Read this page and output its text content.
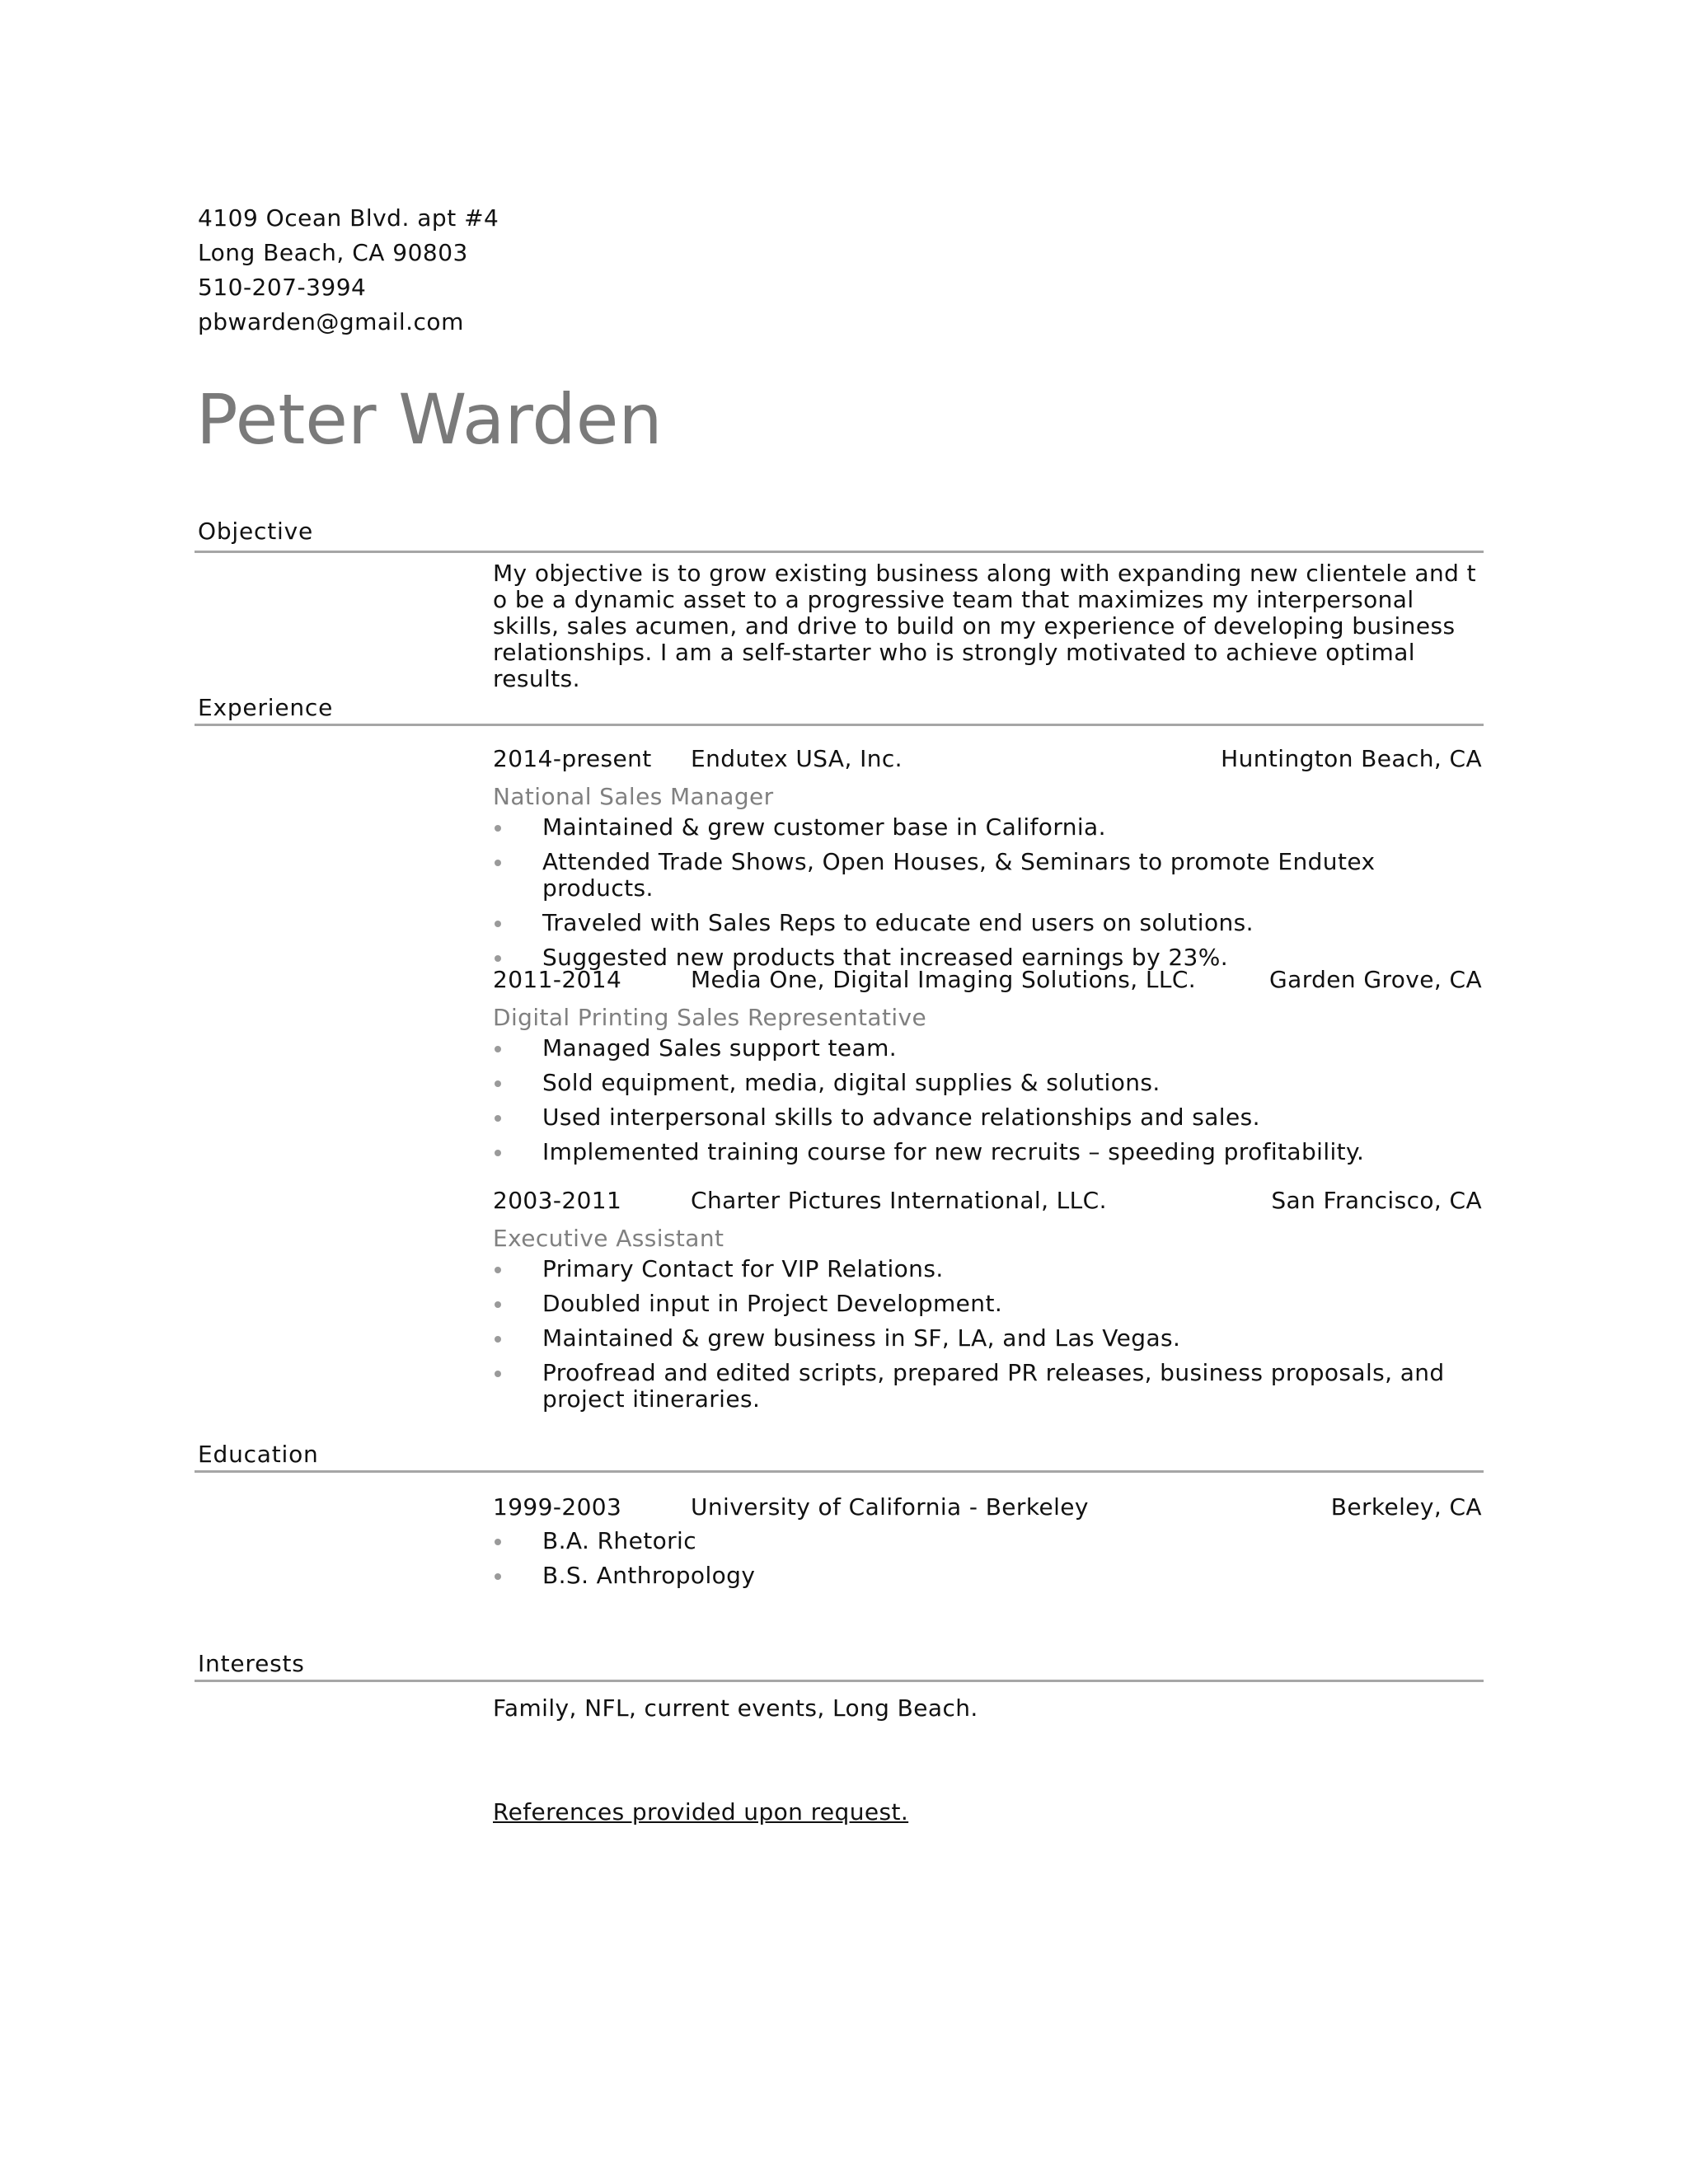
4109 Ocean Blvd. apt #4
Long Beach, CA 90803
510-207-3994
pbwarden@gmail.com
Peter Warden
Objective
My objective is to grow existing business along with expanding new clientele and t o be a dynamic asset to a progressive team that maximizes my interpersonal skills, sales acumen, and drive to build on my experience of developing business relationships. I am a self-starter who is strongly motivated to achieve optimal results.
Experience
2014-present Endutex USA, Inc.	Huntington Beach, CA
National Sales Manager
Maintained & grew customer base in California.
Attended Trade Shows, Open Houses, & Seminars to promote Endutex products.
Traveled with Sales Reps to educate end users on solutions.
Suggested new products that increased earnings by 23%.
2011-2014	Media One, Digital Imaging Solutions, LLC.	Garden Grove, CA
Digital Printing Sales Representative
Managed Sales support team.
Sold equipment, media, digital supplies & solutions.
Used interpersonal skills to advance relationships and sales.
Implemented training course for new recruits – speeding profitability.
2003-2011	Charter Pictures International, LLC.	San Francisco, CA
Executive Assistant
Primary Contact for VIP Relations.
Doubled input in Project Development.
Maintained & grew business in SF, LA, and Las Vegas.
Proofread and edited scripts, prepared PR releases, business proposals, and project itineraries.
Education
1999-2003	University of California - Berkeley	Berkeley, CA
B.A. Rhetoric
B.S. Anthropology
Interests
Family, NFL, current events, Long Beach.
References provided upon request.
